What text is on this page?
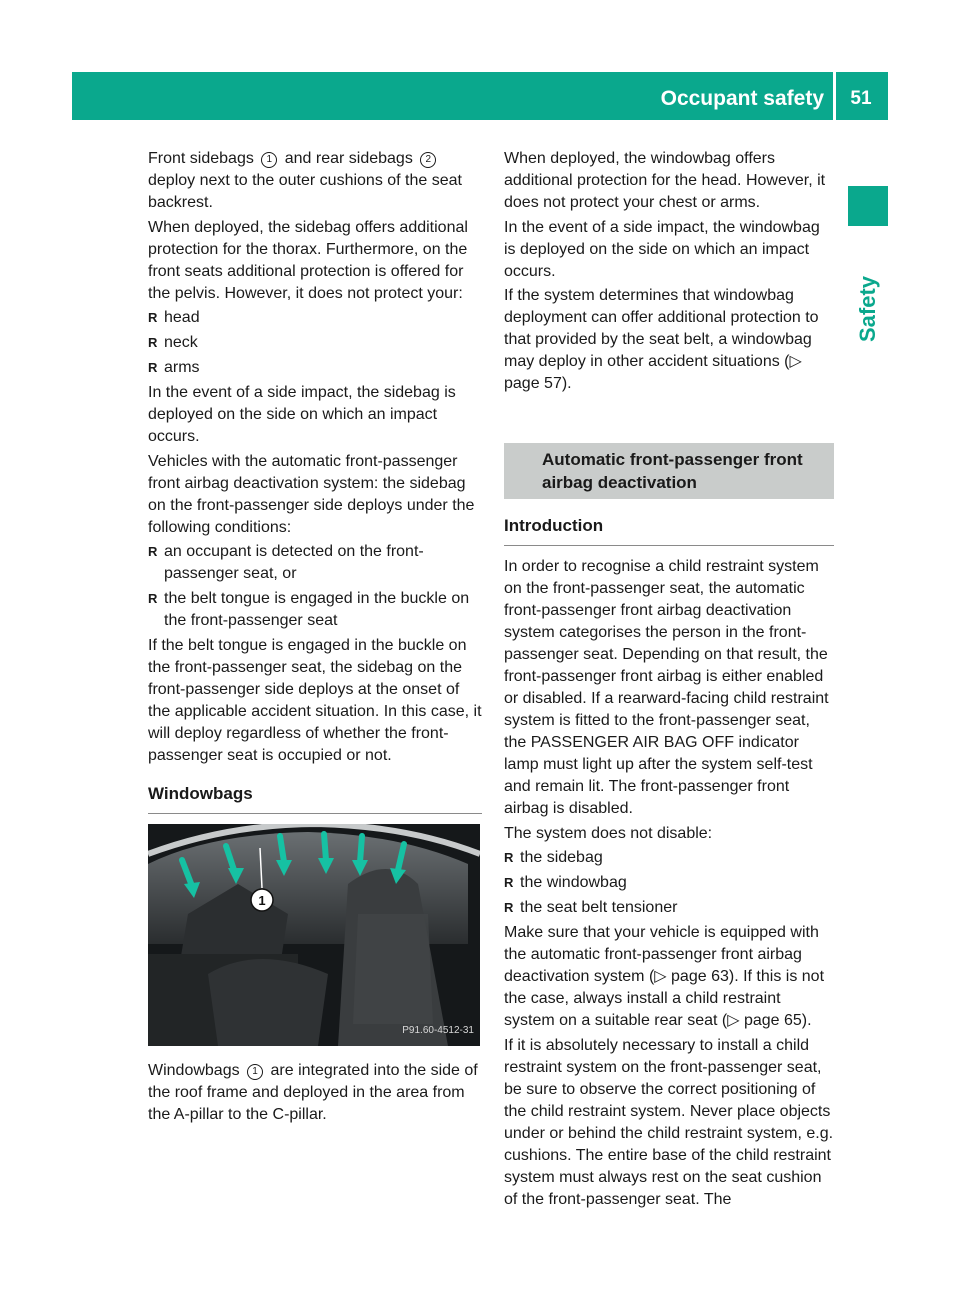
Occupant safety	51
Safety

Front sidebags 1 and rear sidebags 2 deploy next to the outer cushions of the seat backrest.

When deployed, the sidebag offers additional protection for the thorax. Furthermore, on the front seats additional protection is offered for the pelvis. However, it does not protect your:

R head
R neck
R arms

In the event of a side impact, the sidebag is deployed on the side on which an impact occurs.

Vehicles with the automatic front-passenger front airbag deactivation system: the sidebag on the front-passenger side deploys under the following conditions:

R an occupant is detected on the front-passenger seat, or
R the belt tongue is engaged in the buckle on the front-passenger seat

If the belt tongue is engaged in the buckle on the front-passenger seat, the sidebag on the front-passenger side deploys at the onset of the applicable accident situation. In this case, it will deploy regardless of whether the front-passenger seat is occupied or not.

Windowbags
1
P91.60-4512-31

Windowbags 1 are integrated into the side of the roof frame and deployed in the area from the A-pillar to the C-pillar.

When deployed, the windowbag offers additional protection for the head. However, it does not protect your chest or arms.

In the event of a side impact, the windowbag is deployed on the side on which an impact occurs.

If the system determines that windowbag deployment can offer additional protection to that provided by the seat belt, a windowbag may deploy in other accident situations (▷ page 57).

Automatic front-passenger front airbag deactivation
Introduction

In order to recognise a child restraint system on the front-passenger seat, the automatic front-passenger front airbag deactivation system categorises the person in the front-passenger seat. Depending on that result, the front-passenger front airbag is either enabled or disabled. If a rearward-facing child restraint system is fitted to the front-passenger seat, the PASSENGER AIR BAG OFF indicator lamp must light up after the system self-test and remain lit. The front-passenger front airbag is disabled.

The system does not disable:

R the sidebag
R the windowbag
R the seat belt tensioner

Make sure that your vehicle is equipped with the automatic front-passenger front airbag deactivation system (▷ page 63). If this is not the case, always install a child restraint system on a suitable rear seat (▷ page 65).

If it is absolutely necessary to install a child restraint system on the front-passenger seat, be sure to observe the correct positioning of the child restraint system. Never place objects under or behind the child restraint system, e.g. cushions. The entire base of the child restraint system must always rest on the seat cushion of the front-passenger seat. The
